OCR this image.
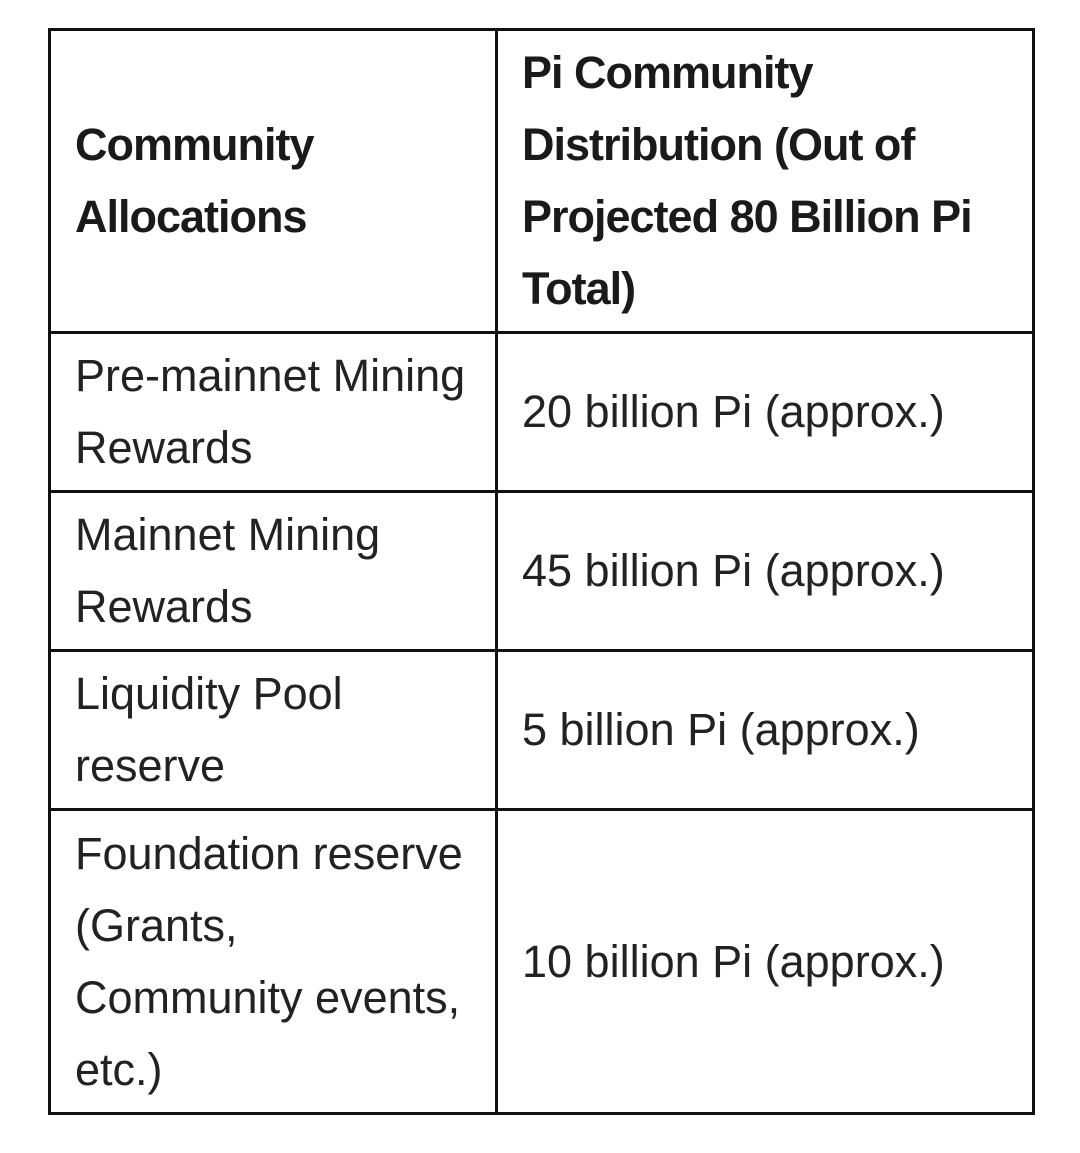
Community Allocations	Pi Community Distribution (Out of Projected 80 Billion Pi Total)
Pre-mainnet Mining Rewards	20 billion Pi (approx.)
Mainnet Mining Rewards	45 billion Pi (approx.)
Liquidity Pool reserve	5 billion Pi (approx.)
Foundation reserve (Grants, Community events, etc.)	10 billion Pi (approx.)
